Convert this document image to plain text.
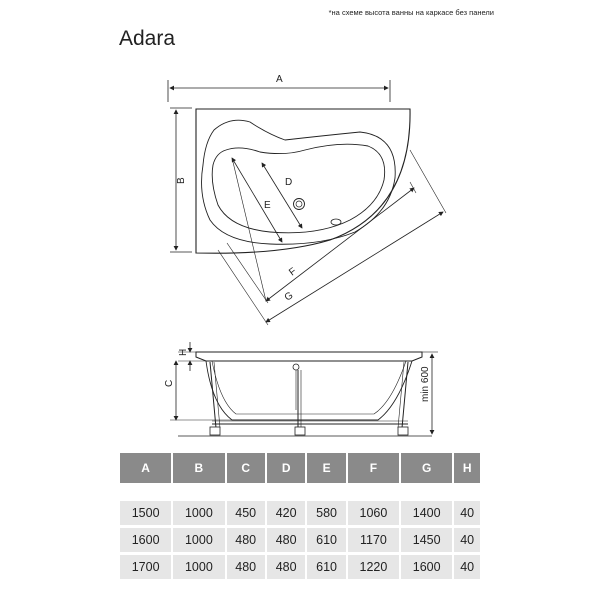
*на схеме высота ванны на каркасе без панели
Adara
A
B	D
E
F
G
H
C	min 600
A	B	C	D	E	F	G	H

1500	1000	450	420	580	1060	1400	40

1600	1000	480	480	610	1170	1450	40

1700	1000	480	480	610	1220	1600	40
